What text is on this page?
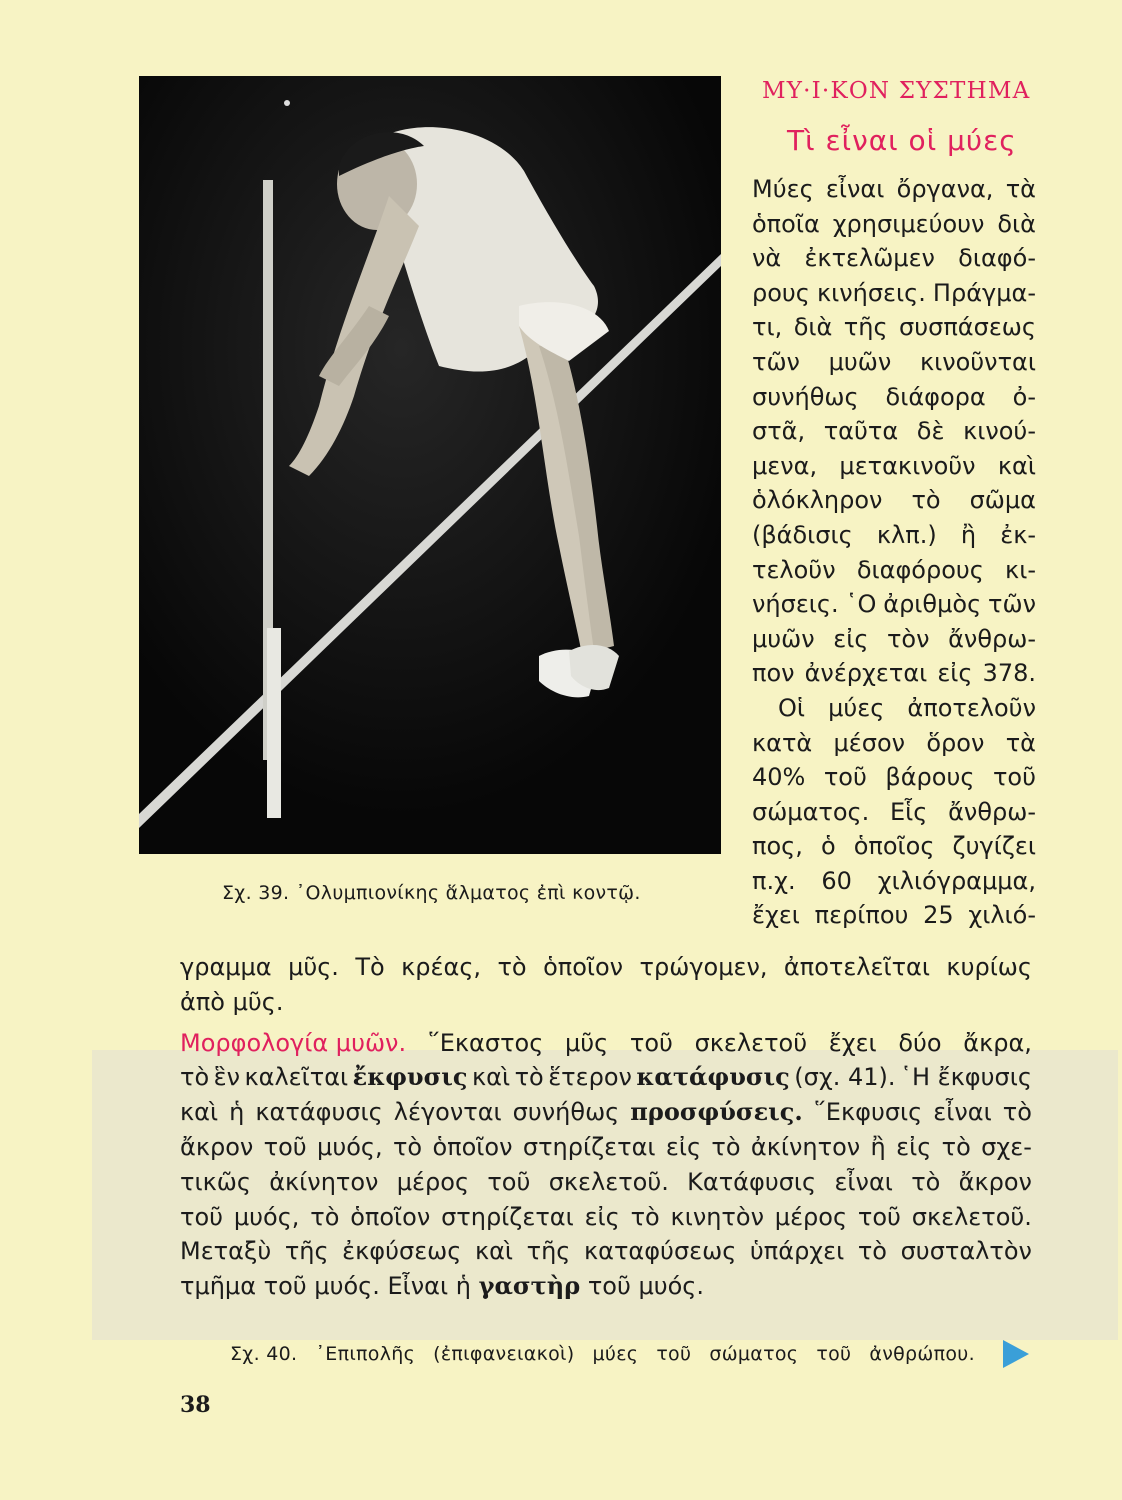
Σχ. 39. ᾿Ολυμπιονίκης ἅλματος ἐπὶ κοντῷ.
ΜΥ·Ι·ΚΟΝ ΣΥΣΤΗΜΑ
Τὶ εἶναι οἱ μύες
Μύες εἶναι ὄργανα, τὰ
ὁποῖα χρησιμεύουν διὰ
νὰ ἐκτελῶμεν διαφό-
ρους κινήσεις. Πράγμα-
τι, διὰ τῆς συσπάσεως
τῶν μυῶν κινοῦνται
συνήθως διάφορα ὀ-
στᾶ, ταῦτα δὲ κινού-
μενα, μετακινοῦν καὶ
ὁλόκληρον τὸ σῶμα
(βάδισις κλπ.) ἢ ἐκ-
τελοῦν διαφόρους κι-
νήσεις. ῾Ο ἀριθμὸς τῶν
μυῶν εἰς τὸν ἄνθρω-
πον ἀνέρχεται εἰς 378.
Οἱ μύες ἀποτελοῦν
κατὰ μέσον ὅρον τὰ
40% τοῦ βάρους τοῦ
σώματος. Εἷς ἄνθρω-
πος, ὁ ὁποῖος ζυγίζει
π.χ. 60 χιλιόγραμμα,
ἔχει περίπου 25 χιλιό-
γραμμα μῦς. Τὸ κρέας, τὸ ὁποῖον τρώγομεν, ἀποτελεῖται κυρίως
ἀπὸ μῦς.
Μορφολογία μυῶν. ῞Εκαστος μῦς τοῦ σκελετοῦ ἔχει δύο ἄκρα,
τὸ ἓν καλεῖται ἔκφυσις καὶ τὸ ἕτερον κατάφυσις (σχ. 41). ῾Η ἔκφυσις
καὶ ἡ κατάφυσις λέγονται συνήθως προσφύσεις. ῞Εκφυσις εἶναι τὸ
ἄκρον τοῦ μυός, τὸ ὁποῖον στηρίζεται εἰς τὸ ἀκίνητον ἢ εἰς τὸ σχε-
τικῶς ἀκίνητον μέρος τοῦ σκελετοῦ. Κατάφυσις εἶναι τὸ ἄκρον
τοῦ μυός, τὸ ὁποῖον στηρίζεται εἰς τὸ κινητὸν μέρος τοῦ σκελετοῦ.
Μεταξὺ τῆς ἐκφύσεως καὶ τῆς καταφύσεως ὑπάρχει τὸ συσταλτὸν
τμῆμα τοῦ μυός. Εἶναι ἡ
γαστὴρ
τοῦ μυός.
Σχ. 40. ᾿Επιπολῆς (ἐπιφανειακοὶ) μύες τοῦ σώματος τοῦ ἀνθρώπου.
38
